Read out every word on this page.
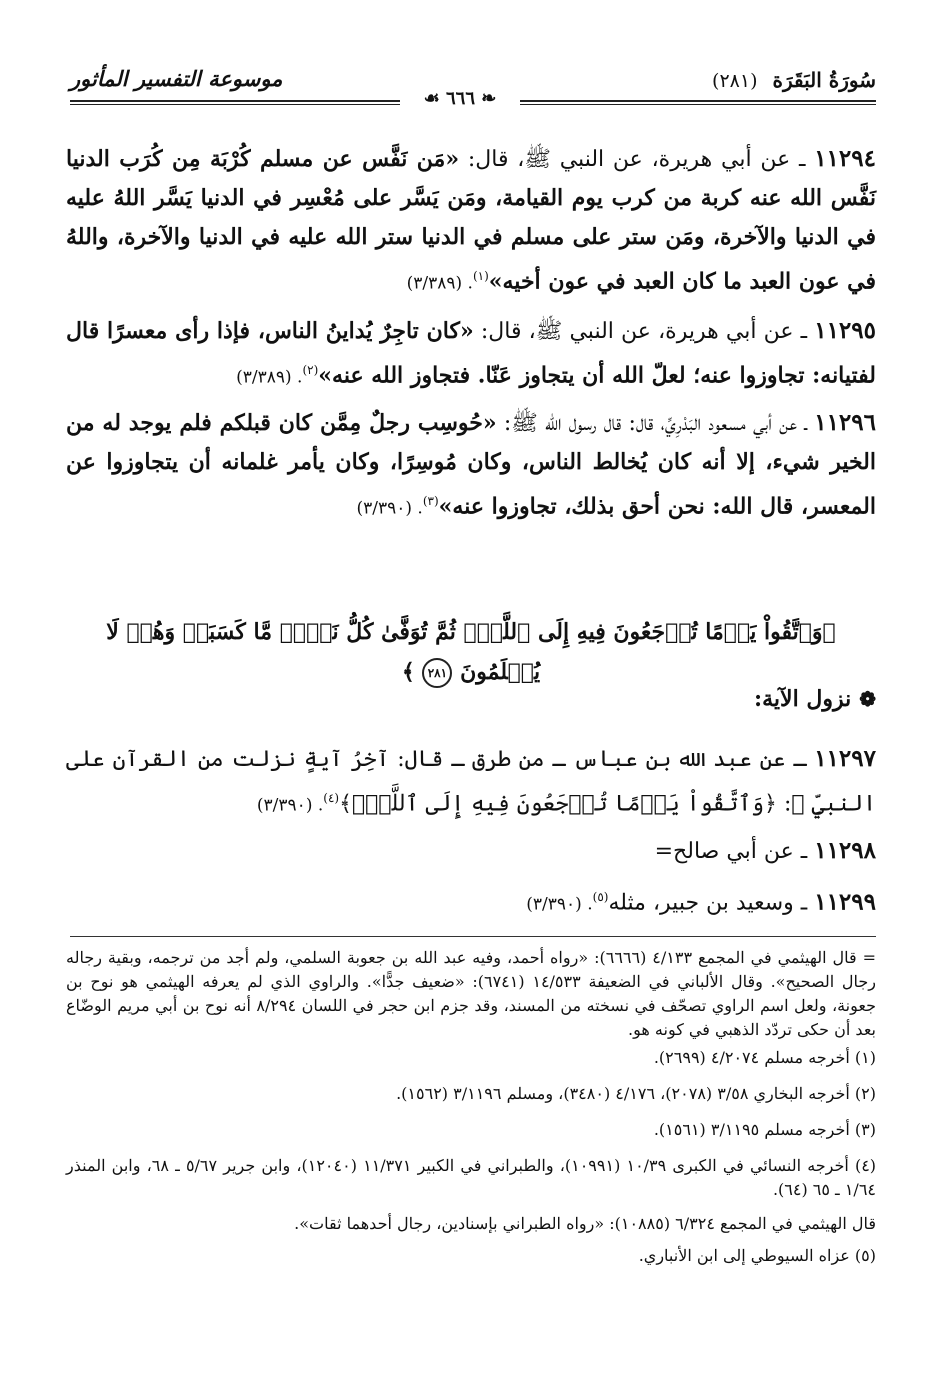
سُورَةُ البَقَرَة (٢٨١)
موسوعة التفسير المأثور
❧ ٦٦٦ ☙
١١٢٩٤ ـ عن أبي هريرة، عن النبي ﷺ، قال: «مَن نَفَّس عن مسلم كُرْبَة مِن كُرَب الدنيا نَفَّس الله عنه كربة من كرب يوم القيامة، ومَن يَسَّر على مُعْسِر في الدنيا يَسَّر اللهُ عليه في الدنيا والآخرة، ومَن ستر على مسلم في الدنيا ستر الله عليه في الدنيا والآخرة، واللهُ في عون العبد ما كان العبد في عون أخيه»$^{(١)}$. (٣/٣٨٩)
١١٢٩٥ ـ عن أبي هريرة، عن النبي ﷺ، قال: «كان تاجِرٌ يُداينُ الناس، فإذا رأى معسرًا قال لفتيانه: تجاوزوا عنه؛ لعلّ الله أن يتجاوز عَنّا. فتجاوز الله عنه»$^{(٢)}$. (٣/٣٨٩)
١١٢٩٦ ـ عن أبي مسعود البَدْرِيِّ، قال: قال رسول الله ﷺ: «حُوسِب رجلٌ مِمَّن كان قبلكم فلم يوجد له من الخير شيء، إلا أنه كان يُخالط الناس، وكان مُوسِرًا، وكان يأمر غلمانه أن يتجاوزوا عن المعسر، قال الله: نحن أحق بذلك، تجاوزوا عنه»$^{(٣)}$. (٣/٣٩٠)
﴿وَٱتَّقُواْ يَوۡمًا تُرۡجَعُونَ فِيهِ إِلَى ٱللَّهِۖ ثُمَّ تُوَفَّىٰ كُلُّ نَفۡسٖ مَّا كَسَبَتۡ وَهُمۡ لَا يُظۡلَمُونَ ٢٨١ ﴾
❁نزول الآية:
١١٢٩٧ ـ عن عبد الله بن عباس ـ من طرق ـ قال: آخِرُ آيةٍ نزلت من القرآن على النبيِّ ﷺ: ﴿وَٱتَّقُواْ يَوۡمًا تُرۡجَعُونَ فِيهِ إِلَى ٱللَّهِۖ﴾$^{(٤)}$. (٣/٣٩٠)
١١٢٩٨ ـ عن أبي صالح=
١١٢٩٩ ـ وسعيد بن جبير، مثله$^{(٥)}$. (٣/٣٩٠)
= قال الهيثمي في المجمع ٤/١٣٣ (٦٦٦٦): «رواه أحمد، وفيه عبد الله بن جعوبة السلمي، ولم أجد من ترجمه، وبقية رجاله رجال الصحيح». وقال الألباني في الضعيفة ١٤/٥٣٣ (٦٧٤١): «ضعيف جدًّا». والراوي الذي لم يعرفه الهيثمي هو نوح بن جعونة، ولعل اسم الراوي تصحّف في نسخته من المسند، وقد جزم ابن حجر في اللسان ٨/٢٩٤ أنه نوح بن أبي مريم الوضّاع بعد أن حكى تردّد الذهبي في كونه هو.
(١) أخرجه مسلم ٤/٢٠٧٤ (٢٦٩٩).
(٢) أخرجه البخاري ٣/٥٨ (٢٠٧٨)، ٤/١٧٦ (٣٤٨٠)، ومسلم ٣/١١٩٦ (١٥٦٢).
(٣) أخرجه مسلم ٣/١١٩٥ (١٥٦١).
(٤) أخرجه النسائي في الكبرى ١٠/٣٩ (١٠٩٩١)، والطبراني في الكبير ١١/٣٧١ (١٢٠٤٠)، وابن جرير ٥/٦٧ ـ ٦٨، وابن المنذر ١/٦٤ ـ ٦٥ (٦٤).
قال الهيثمي في المجمع ٦/٣٢٤ (١٠٨٨٥): «رواه الطبراني بإسنادين، رجال أحدهما ثقات».
(٥) عزاه السيوطي إلى ابن الأنباري.
